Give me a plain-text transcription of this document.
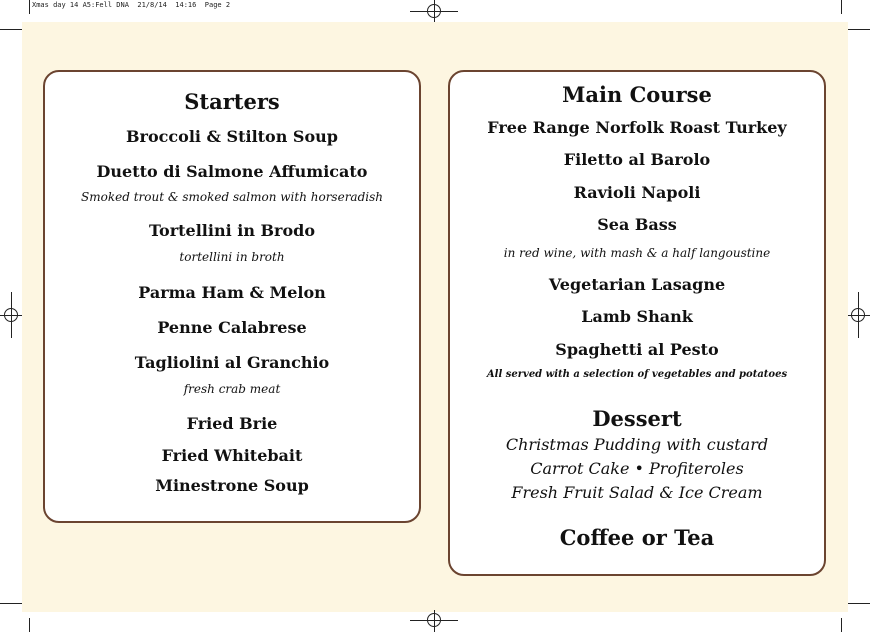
Xmas day 14 A5:Fell DNA  21/8/14  14:16  Page 2
Starters
Broccoli & Stilton Soup
Duetto di Salmone Affumicato
Smoked trout & smoked salmon with horseradish
Tortellini in Brodo
tortellini in broth
Parma Ham & Melon
Penne Calabrese
Tagliolini al Granchio
fresh crab meat
Fried Brie
Fried Whitebait
Minestrone Soup
Main Course
Free Range Norfolk Roast Turkey
Filetto al Barolo
Ravioli Napoli
Sea Bass
in red wine, with mash & a half langoustine
Vegetarian Lasagne
Lamb Shank
Spaghetti al Pesto
All served with a selection of vegetables and potatoes
Dessert
Christmas Pudding with custard
Carrot Cake • Profiteroles
Fresh Fruit Salad & Ice Cream
Coffee or Tea
